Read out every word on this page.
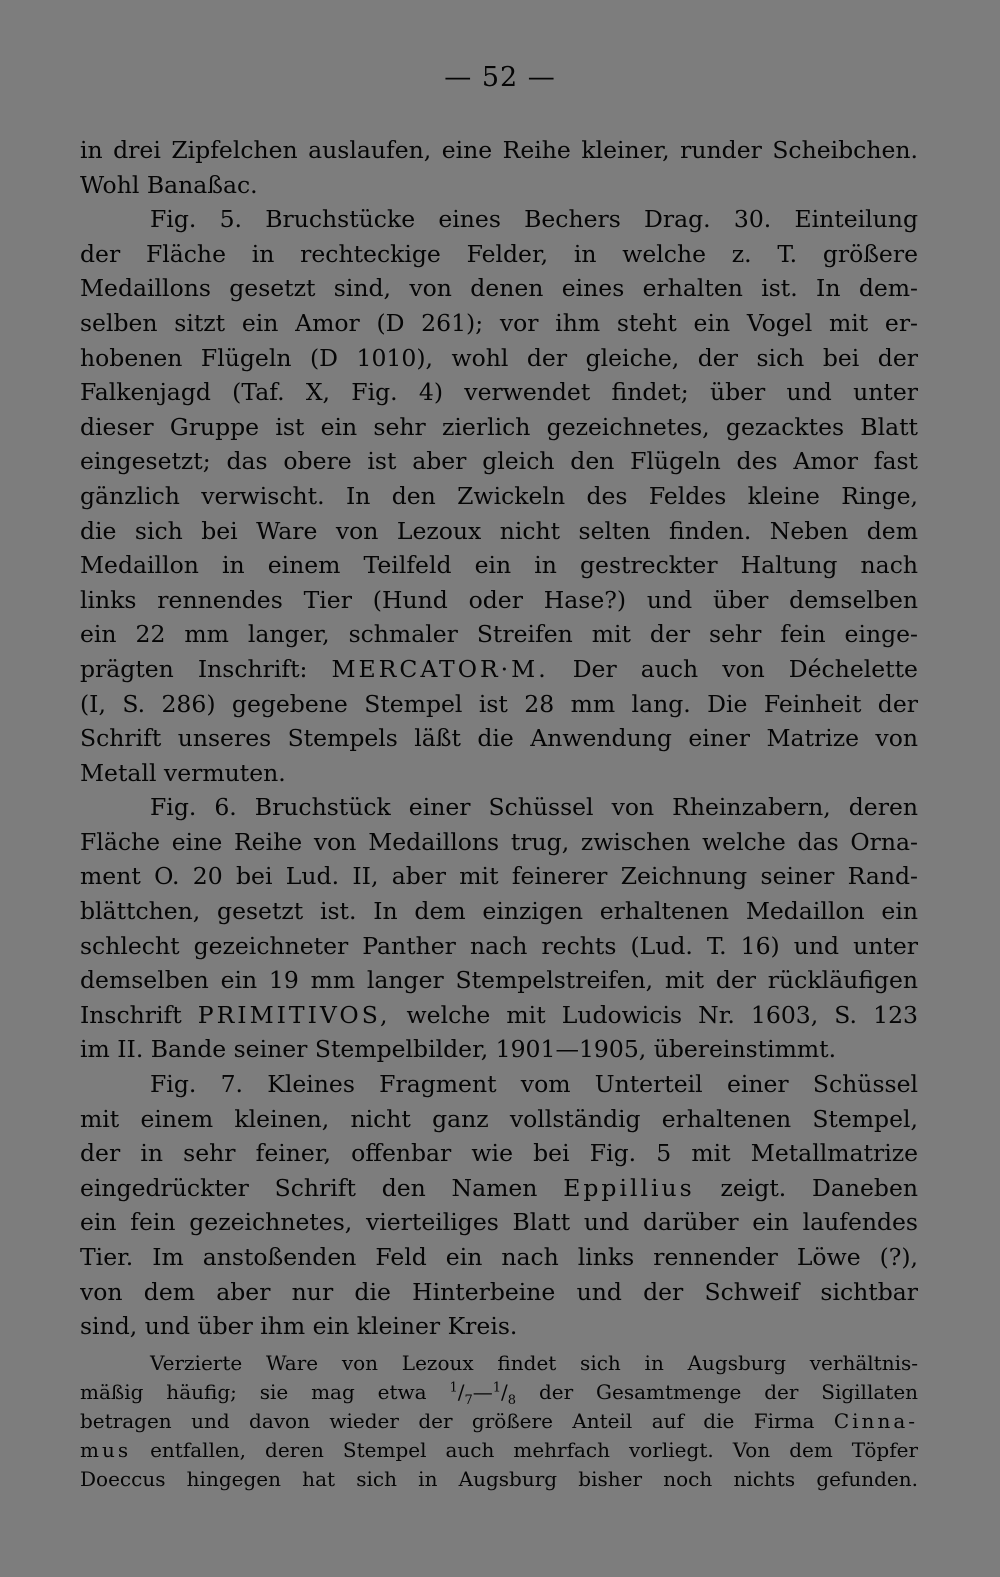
— 52 —
in drei Zipfelchen auslaufen, eine Reihe kleiner, runder Scheibchen.
Wohl Banaßac.
Fig. 5. Bruchstücke eines Bechers Drag. 30. Einteilung
der Fläche in rechteckige Felder, in welche z. T. größere
Medaillons gesetzt sind, von denen eines erhalten ist. In dem-
selben sitzt ein Amor (D 261); vor ihm steht ein Vogel mit er-
hobenen Flügeln (D 1010), wohl der gleiche, der sich bei der
Falkenjagd (Taf. X, Fig. 4) verwendet findet; über und unter
dieser Gruppe ist ein sehr zierlich gezeichnetes, gezacktes Blatt
eingesetzt; das obere ist aber gleich den Flügeln des Amor fast
gänzlich verwischt. In den Zwickeln des Feldes kleine Ringe,
die sich bei Ware von Lezoux nicht selten finden. Neben dem
Medaillon in einem Teilfeld ein in gestreckter Haltung nach
links rennendes Tier (Hund oder Hase?) und über demselben
ein 22 mm langer, schmaler Streifen mit der sehr fein einge-
prägten Inschrift: MERCATOR·M. Der auch von Déchelette
(I, S. 286) gegebene Stempel ist 28 mm lang. Die Feinheit der
Schrift unseres Stempels läßt die Anwendung einer Matrize von
Metall vermuten.
Fig. 6. Bruchstück einer Schüssel von Rheinzabern, deren
Fläche eine Reihe von Medaillons trug, zwischen welche das Orna-
ment O. 20 bei Lud. II, aber mit feinerer Zeichnung seiner Rand-
blättchen, gesetzt ist. In dem einzigen erhaltenen Medaillon ein
schlecht gezeichneter Panther nach rechts (Lud. T. 16) und unter
demselben ein 19 mm langer Stempelstreifen, mit der rückläufigen
Inschrift PRIMITIVOS, welche mit Ludowicis Nr. 1603, S. 123
im II. Bande seiner Stempelbilder, 1901—1905, übereinstimmt.
Fig. 7. Kleines Fragment vom Unterteil einer Schüssel
mit einem kleinen, nicht ganz vollständig erhaltenen Stempel,
der in sehr feiner, offenbar wie bei Fig. 5 mit Metallmatrize
eingedrückter Schrift den Namen Eppillius zeigt. Daneben
ein fein gezeichnetes, vierteiliges Blatt und darüber ein laufendes
Tier. Im anstoßenden Feld ein nach links rennender Löwe (?),
von dem aber nur die Hinterbeine und der Schweif sichtbar
sind, und über ihm ein kleiner Kreis.
Verzierte Ware von Lezoux findet sich in Augsburg verhältnis-
mäßig häufig; sie mag etwa $^1/_7—^1/_8$ der Gesamtmenge der Sigillaten
betragen und davon wieder der größere Anteil auf die Firma Cinna-
mus entfallen, deren Stempel auch mehrfach vorliegt. Von dem Töpfer
Doeccus hingegen hat sich in Augsburg bisher noch nichts gefunden.
